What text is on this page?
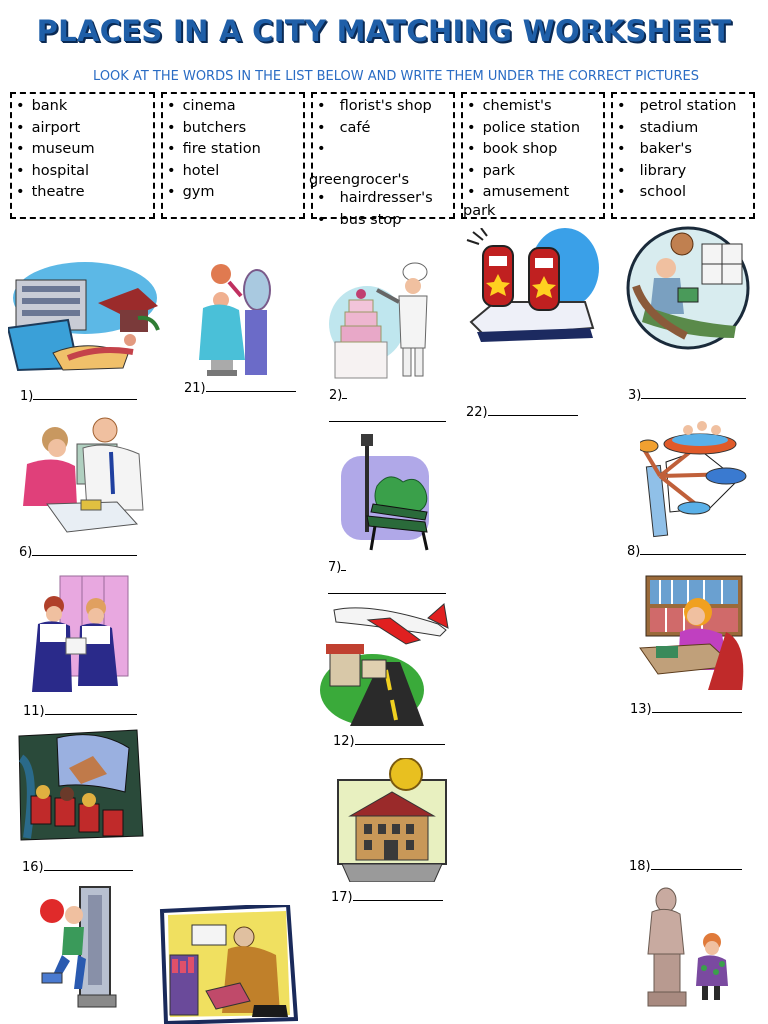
PLACES IN A CITY MATCHING WORKSHEET
LOOK AT THE WORDS IN THE LIST BELOW AND WRITE THEM UNDER THE CORRECT PICTURES
• bank
• airport
• museum
• hospital
• theatre
• cinema
• butchers
• fire station
• hotel
• gym
• florist's shop
• café
• greengrocer's
• hairdresser's
• bus stop
• chemist's
• police station
• book shop
• park
• amusement
park
• petrol station
• stadium
• baker's
• library
• school
1)
21)	2)

22)
3)
6)
7)

8)
11)
12)
13)
16)
17)
18)
